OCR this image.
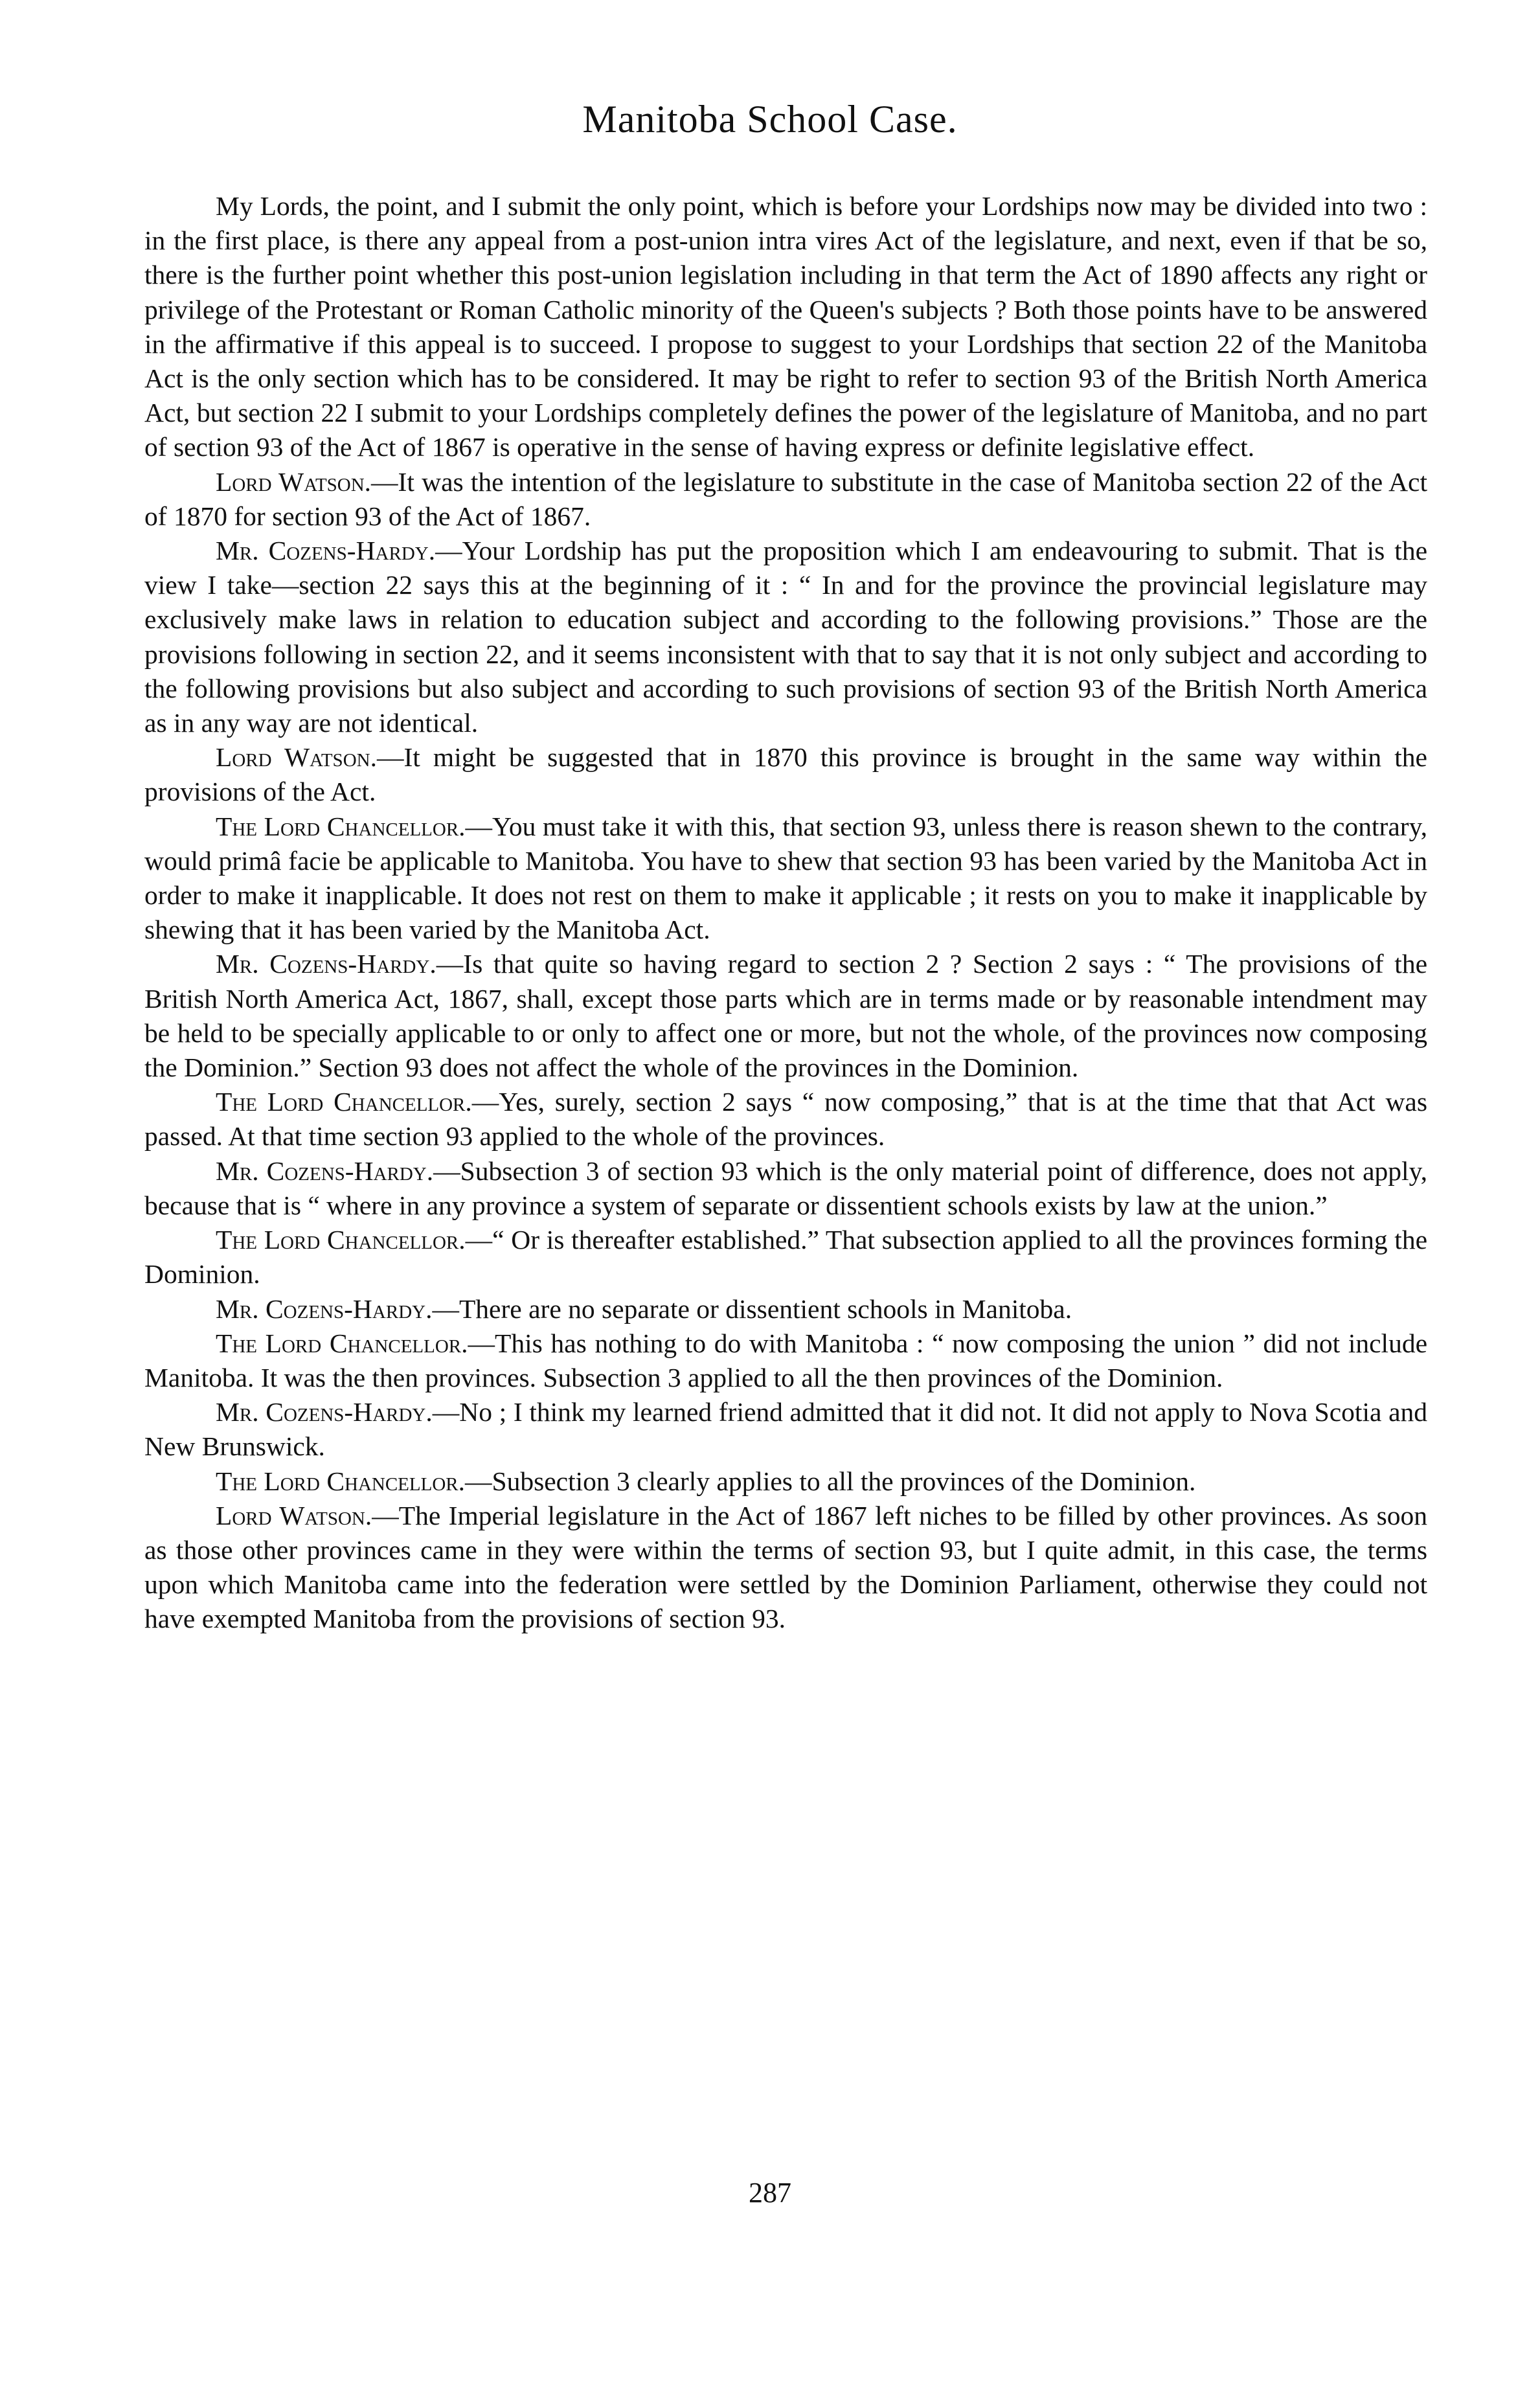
Manitoba School Case.

My Lords, the point, and I submit the only point, which is before your Lordships now may be divided into two : in the first place, is there any appeal from a post-union intra vires Act of the legislature, and next, even if that be so, there is the further point whether this post-union legislation including in that term the Act of 1890 affects any right or privilege of the Protestant or Roman Catholic minority of the Queen's subjects ? Both those points have to be answered in the affirmative if this appeal is to succeed. I propose to suggest to your Lordships that section 22 of the Manitoba Act is the only section which has to be considered. It may be right to refer to section 93 of the British North America Act, but section 22 I submit to your Lordships completely defines the power of the legislature of Manitoba, and no part of section 93 of the Act of 1867 is operative in the sense of having express or definite legislative effect.

Lord Watson.—It was the intention of the legislature to substitute in the case of Manitoba section 22 of the Act of 1870 for section 93 of the Act of 1867.

Mr. Cozens-Hardy.—Your Lordship has put the proposition which I am endeavouring to submit. That is the view I take—section 22 says this at the beginning of it : “ In and for the province the provincial legislature may exclusively make laws in relation to education subject and according to the following provisions.” Those are the provisions following in section 22, and it seems inconsistent with that to say that it is not only subject and according to the following provisions but also subject and according to such provisions of section 93 of the British North America as in any way are not identical.

Lord Watson.—It might be suggested that in 1870 this province is brought in the same way within the provisions of the Act.

The Lord Chancellor.—You must take it with this, that section 93, unless there is reason shewn to the contrary, would primâ facie be applicable to Manitoba. You have to shew that section 93 has been varied by the Manitoba Act in order to make it inapplicable. It does not rest on them to make it applicable ; it rests on you to make it inapplicable by shewing that it has been varied by the Manitoba Act.

Mr. Cozens-Hardy.—Is that quite so having regard to section 2 ? Section 2 says : “ The provisions of the British North America Act, 1867, shall, except those parts which are in terms made or by reasonable intendment may be held to be specially applicable to or only to affect one or more, but not the whole, of the provinces now composing the Dominion.” Section 93 does not affect the whole of the provinces in the Dominion.

The Lord Chancellor.—Yes, surely, section 2 says “ now composing,” that is at the time that that Act was passed. At that time section 93 applied to the whole of the provinces.

Mr. Cozens-Hardy.—Subsection 3 of section 93 which is the only material point of difference, does not apply, because that is “ where in any province a system of separate or dissentient schools exists by law at the union.”

The Lord Chancellor.—“ Or is thereafter established.” That subsection applied to all the provinces forming the Dominion.

Mr. Cozens-Hardy.—There are no separate or dissentient schools in Manitoba.

The Lord Chancellor.—This has nothing to do with Manitoba : “ now composing the union ” did not include Manitoba. It was the then provinces. Subsection 3 applied to all the then provinces of the Dominion.

Mr. Cozens-Hardy.—No ; I think my learned friend admitted that it did not. It did not apply to Nova Scotia and New Brunswick.

The Lord Chancellor.—Subsection 3 clearly applies to all the provinces of the Dominion.

Lord Watson.—The Imperial legislature in the Act of 1867 left niches to be filled by other provinces. As soon as those other provinces came in they were within the terms of section 93, but I quite admit, in this case, the terms upon which Manitoba came into the federation were settled by the Dominion Parliament, otherwise they could not have exempted Manitoba from the provisions of section 93.

287
